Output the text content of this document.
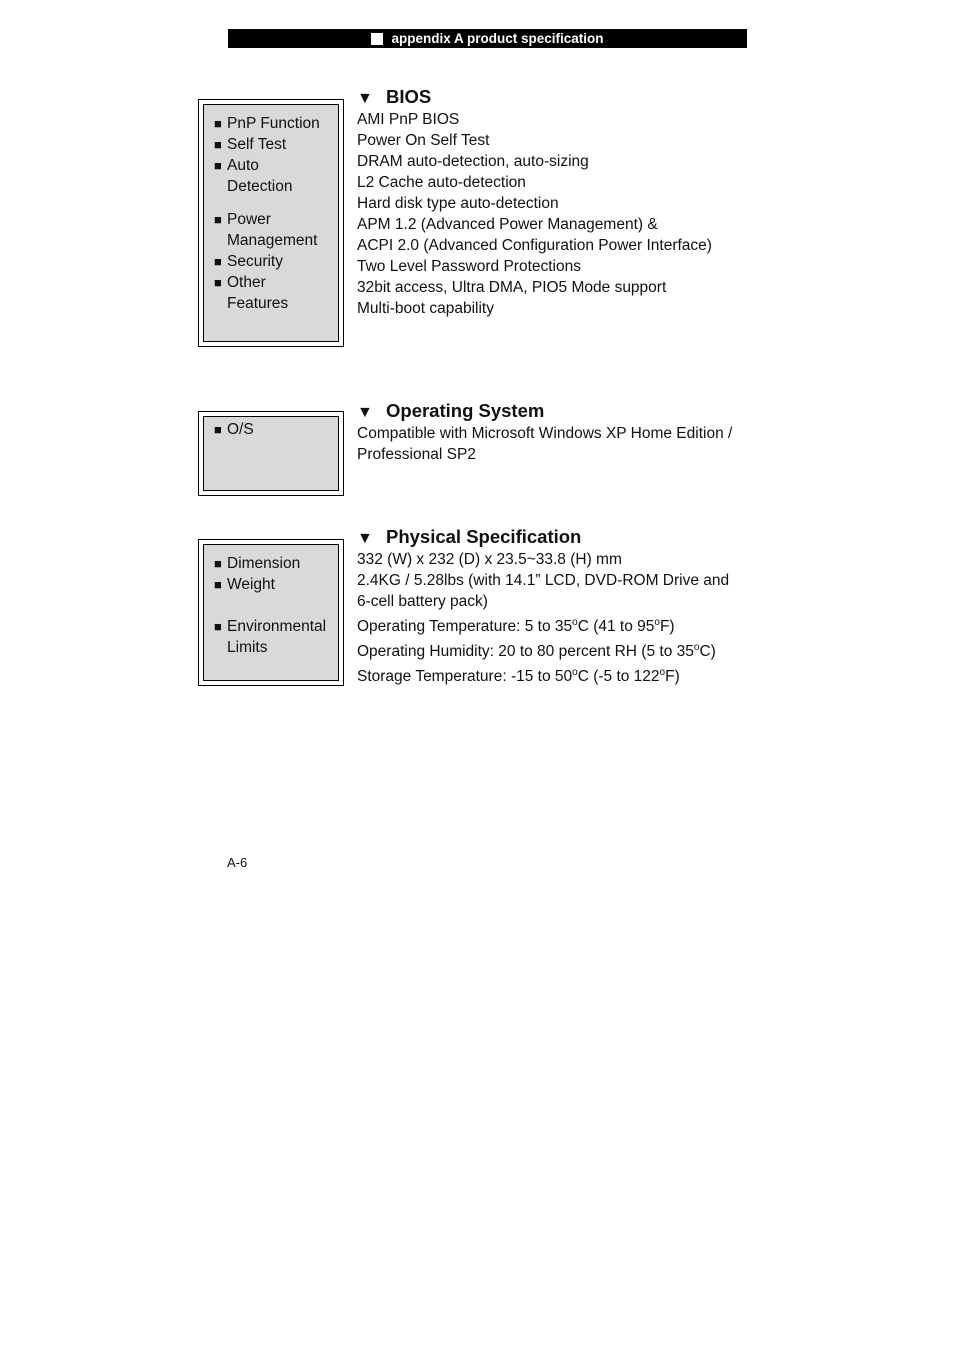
appendix A product specification
■ PnP Function
■ Self Test
■ Auto Detection
■ Power Management
■ Security
■ Other Features
▼ BIOS
AMI PnP BIOS
Power On Self Test
DRAM auto-detection, auto-sizing
L2 Cache auto-detection
Hard disk type auto-detection
APM 1.2 (Advanced Power Management) &
ACPI 2.0 (Advanced Configuration Power Interface)
Two Level Password Protections
32bit access, Ultra DMA, PIO5 Mode support
Multi-boot capability
■ O/S
▼ Operating System
Compatible with Microsoft Windows XP Home Edition /
Professional SP2
■ Dimension
■ Weight
■ Environmental Limits
▼ Physical Specification
332 (W) x 232 (D) x 23.5~33.8 (H) mm
2.4KG / 5.28lbs (with 14.1” LCD, DVD-ROM Drive and
6-cell battery pack)
Operating Temperature: 5 to 35$^o$C (41 to 95$^o$F)
Operating Humidity: 20 to 80 percent RH (5 to 35$^o$C)
Storage Temperature: -15 to 50$^o$C (-5 to 122$^o$F)
A-6
